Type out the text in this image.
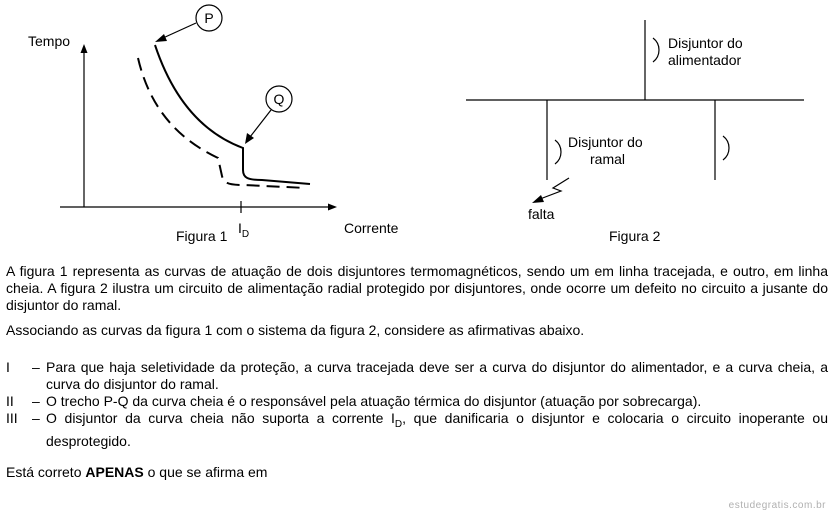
Tempo
Corrente
$I_D$
Figura 1
P
Q
Disjuntor do
alimentador
Disjuntor do
ramal
falta
Figura 2
A figura 1 representa as curvas de atuação de dois disjuntores termomagnéticos, sendo um em linha tracejada, e outro, em linha cheia. A figura 2 ilustra um circuito de alimentação radial protegido por disjuntores, onde ocorre um defeito no circuito a jusante do disjuntor do ramal.
Associando as curvas da figura 1 com o sistema da figura 2, considere as afirmativas abaixo.
I – Para que haja seletividade da proteção, a curva tracejada deve ser a curva do disjuntor do alimentador, e a curva cheia, a curva do disjuntor do ramal.
II – O trecho P-Q da curva cheia é o responsável pela atuação térmica do disjuntor (atuação por sobrecarga).
III – O disjuntor da curva cheia não suporta a corrente $I_D$, que danificaria o disjuntor e colocaria o circuito inoperante ou desprotegido.
Está correto APENAS o que se afirma em
estudegratis.com.br
